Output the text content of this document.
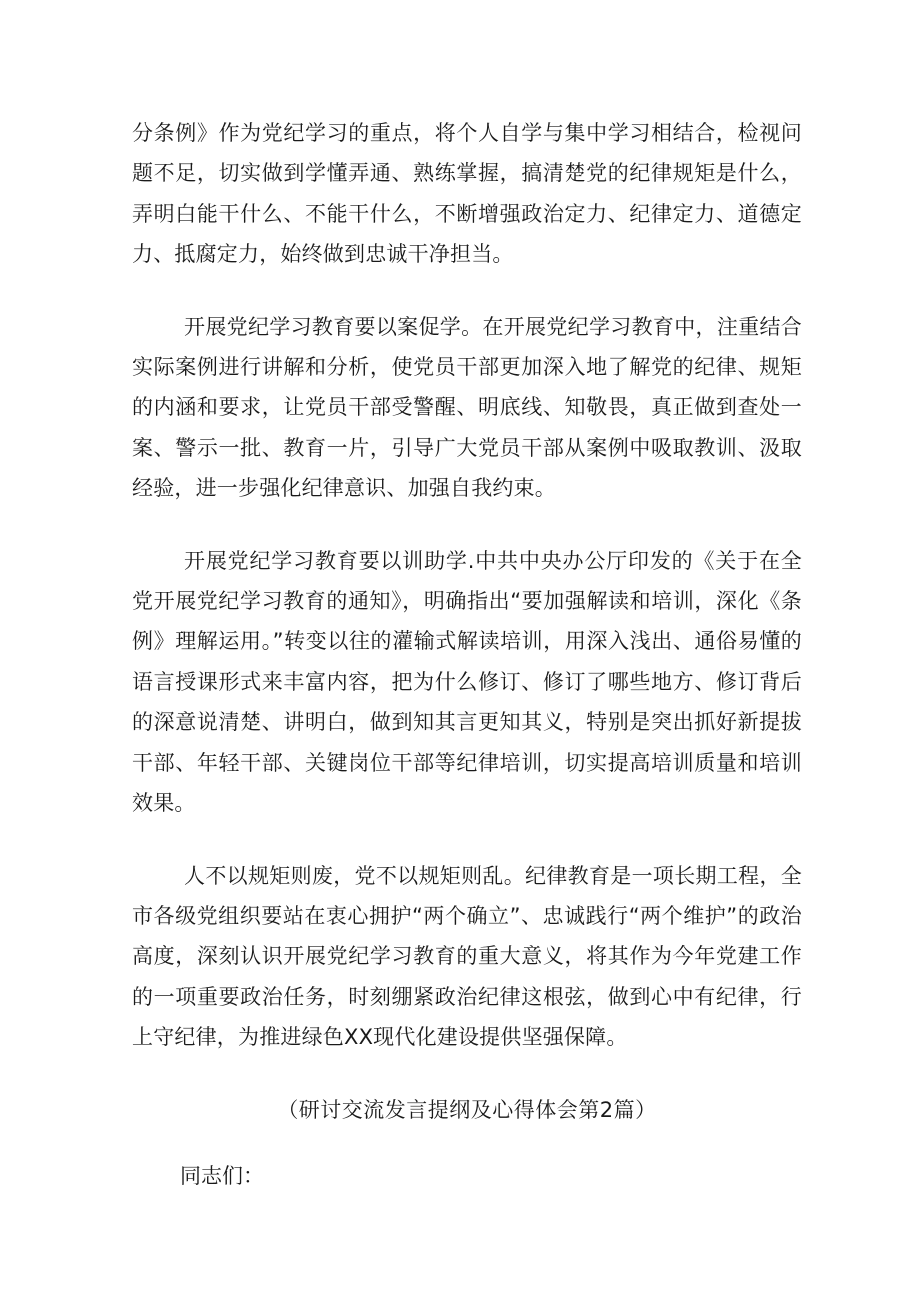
分条例》作为党纪学习的重点，将个人自学与集中学习相结合，检视问题不足，切实做到学懂弄通、熟练掌握，搞清楚党的纪律规矩是什么，弄明白能干什么、不能干什么，不断增强政治定力、纪律定力、道德定力、抵腐定力，始终做到忠诚干净担当。

开展党纪学习教育要以案促学。在开展党纪学习教育中，注重结合实际案例进行讲解和分析，使党员干部更加深入地了解党的纪律、规矩的内涵和要求，让党员干部受警醒、明底线、知敬畏，真正做到查处一案、警示一批、教育一片，引导广大党员干部从案例中吸取教训、汲取经验，进一步强化纪律意识、加强自我约束。

开展党纪学习教育要以训助学.中共中央办公厅印发的《关于在全党开展党纪学习教育的通知》，明确指出“要加强解读和培训，深化《条例》理解运用。”转变以往的灌输式解读培训，用深入浅出、通俗易懂的语言授课形式来丰富内容，把为什么修订、修订了哪些地方、修订背后的深意说清楚、讲明白，做到知其言更知其义，特别是突出抓好新提拔干部、年轻干部、关键岗位干部等纪律培训，切实提高培训质量和培训效果。

人不以规矩则废，党不以规矩则乱。纪律教育是一项长期工程，全市各级党组织要站在衷心拥护“两个确立”、忠诚践行“两个维护”的政治高度，深刻认识开展党纪学习教育的重大意义，将其作为今年党建工作的一项重要政治任务，时刻绷紧政治纪律这根弦，做到心中有纪律，行上守纪律，为推进绿色XX现代化建设提供坚强保障。

（研讨交流发言提纲及心得体会第2篇）

同志们：
